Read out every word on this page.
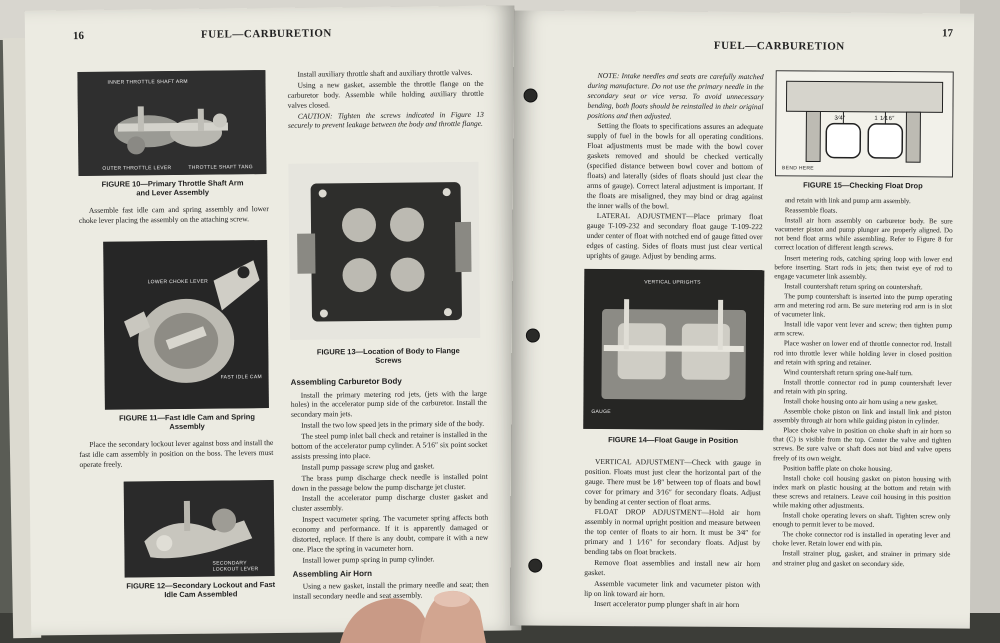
16	FUEL—CARBURETION
INNER THROTTLE SHAFT ARM
OUTER THROTTLE LEVER	THROTTLE SHAFT TANG
FIGURE 10—Primary Throttle Shaft Arm
and Lever Assembly

Assemble fast idle cam and spring assembly and lower choke lever placing the assembly on the attaching screw.

LOWER CHOKE LEVER
FAST IDLE CAM
FIGURE 11—Fast Idle Cam and Spring
Assembly

Place the secondary lockout lever against boss and install the fast idle cam assembly in position on the boss. The levers must operate freely.

SECONDARY LOCKOUT LEVER
FIGURE 12—Secondary Lockout and Fast
Idle Cam Assembled

Install auxiliary throttle shaft and auxiliary throttle valves.

Using a new gasket, assemble the throttle flange on the carburetor body. Assemble while holding auxiliary throttle valves closed.

CAUTION: Tighten the screws indicated in Figure 13 securely to prevent leakage between the body and throttle flange.

FIGURE 13—Location of Body to Flange
Screws
Assembling Carburetor Body

Install the primary metering rod jets, (jets with the large holes) in the accelerator pump side of the carburetor. Install the secondary main jets.

Install the two low speed jets in the primary side of the body.

The steel pump inlet ball check and retainer is installed in the bottom of the accelerator pump cylinder. A 5⁄16″ six point socket assists pressing into place.

Install pump passage screw plug and gasket.

The brass pump discharge check needle is installed point down in the passage below the pump discharge jet cluster.

Install the accelerator pump discharge cluster gasket and cluster assembly.

Inspect vacumeter spring. The vacumeter spring affects both economy and performance. If it is apparently damaged or distorted, replace. If there is any doubt, compare it with a new one. Place the spring in vacumeter horn.

Install lower pump spring in pump cylinder.

Assembling Air Horn

Using a new gasket, install the primary needle and seat; then install secondary needle and seat assembly.

FUEL—CARBURETION
17

NOTE: Intake needles and seats are carefully matched during manufacture. Do not use the primary needle in the secondary seat or vice versa. To avoid unnecessary bending, both floats should be reinstalled in their original positions and then adjusted.

Setting the floats to specifications assures an adequate supply of fuel in the bowls for all operating conditions. Float adjustments must be made with the bowl cover gaskets removed and should be checked vertically (specified distance between bowl cover and bottom of floats) and laterally (sides of floats should just clear the arms of gauge). Correct lateral adjustment is important. If the floats are misaligned, they may bind or drag against the inner walls of the bowl.

LATERAL ADJUSTMENT—Place primary float gauge T-109-232 and secondary float gauge T-109-222 under center of float with notched end of gauge fitted over edges of casting. Sides of floats must just clear vertical uprights of gauge. Adjust by bending arms.

VERTICAL UPRIGHTS
GAUGE
FIGURE 14—Float Gauge in Position

VERTICAL ADJUSTMENT—Check with gauge in position. Floats must just clear the horizontal part of the gauge. There must be 1⁄8″ between top of floats and bowl cover for primary and 3⁄16″ for secondary floats. Adjust by bending at center section of float arms.

FLOAT DROP ADJUSTMENT—Hold air horn assembly in normal upright position and measure between the top center of floats to air horn. It must be 3⁄4″ for primary and 1 1⁄16″ for secondary floats. Adjust by bending tabs on float brackets.

Remove float assemblies and install new air horn gasket.

Assemble vacumeter link and vacumeter piston with lip on link toward air horn.

Insert accelerator pump plunger shaft in air horn

3⁄4″	1 1⁄16″
BEND HERE
FIGURE 15—Checking Float Drop

and retain with link and pump arm assembly.

Reassemble floats.

Install air horn assembly on carburetor body. Be sure vacumeter piston and pump plunger are properly aligned. Do not bend float arms while assembling. Refer to Figure 8 for correct location of different length screws.

Insert metering rods, catching spring loop with lower end before inserting. Start rods in jets; then twist eye of rod to engage vacumeter link assembly.

Install countershaft return spring on countershaft.

The pump countershaft is inserted into the pump operating arm and metering rod arm. Be sure metering rod arm is in slot of vacumeter link.

Install idle vapor vent lever and screw; then tighten pump arm screw.

Place washer on lower end of throttle connector rod. Install rod into throttle lever while holding lever in closed position and retain with spring and retainer.

Wind countershaft return spring one-half turn.

Install throttle connector rod in pump countershaft lever and retain with pin spring.

Install choke housing onto air horn using a new gasket.

Assemble choke piston on link and install link and piston assembly through air horn while guiding piston in cylinder.

Place choke valve in position on choke shaft in air horn so that (C) is visible from the top. Center the valve and tighten screws. Be sure valve or shaft does not bind and valve opens freely of its own weight.

Position baffle plate on choke housing.

Install choke coil housing gasket on piston housing with index mark on plastic housing at the bottom and retain with these screws and retainers. Leave coil housing in this position while making other adjustments.

Install choke operating levers on shaft. Tighten screw only enough to permit lever to be moved.

The choke connector rod is installed in operating lever and choke lever. Retain lower end with pin.

Install strainer plug, gasket, and strainer in primary side and strainer plug and gasket on secondary side.
